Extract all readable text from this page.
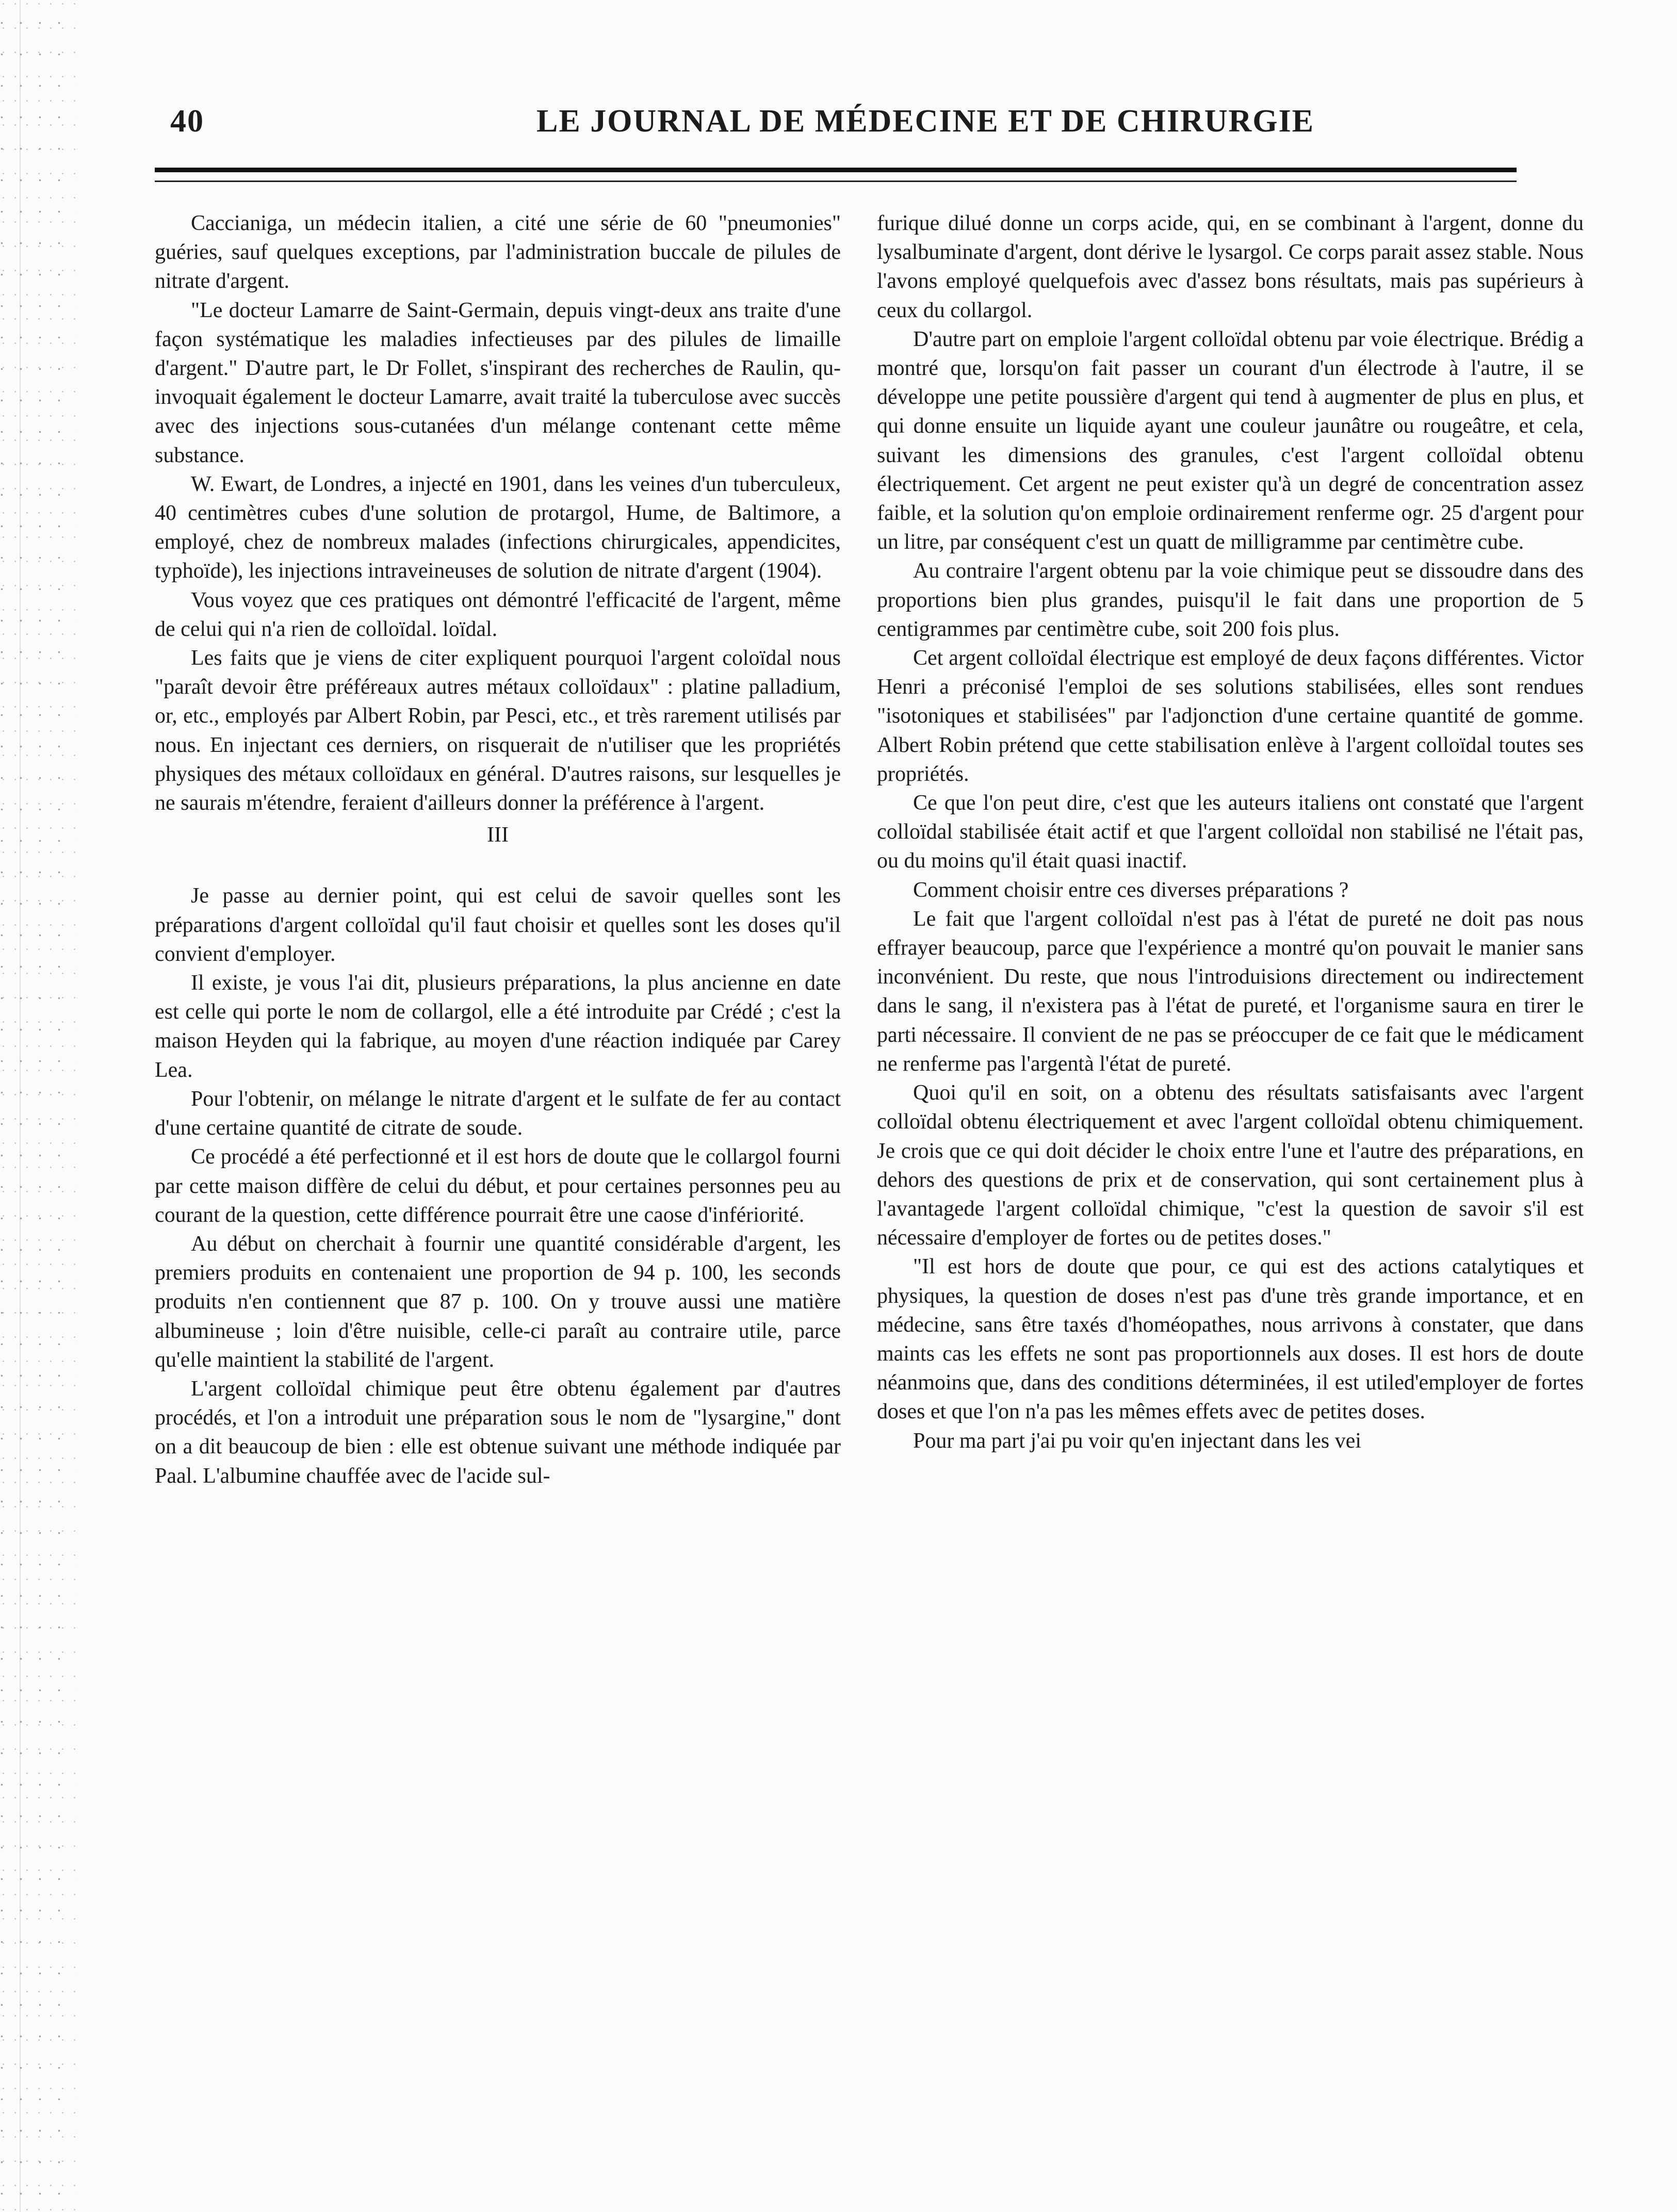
40	LE JOURNAL DE MÉDECINE ET DE CHIRURGIE

Caccianiga, un médecin italien, a cité une série de 60 "pneumonies" guéries, sauf quelques exceptions, par l'administration buccale de pilules de nitrate d'argent.

"Le docteur Lamarre de Saint-Germain, depuis vingt-deux ans traite d'une façon systématique les maladies infectieuses par des pilules de limaille d'argent." D'autre part, le Dr Follet, s'inspirant des recherches de Raulin, qu-invoquait également le docteur Lamarre, avait traité la tuberculose avec succès avec des injections sous-cutanées d'un mélange contenant cette même substance.

W. Ewart, de Londres, a injecté en 1901, dans les veines d'un tuberculeux, 40 centimètres cubes d'une solution de protargol, Hume, de Baltimore, a employé, chez de nombreux malades (infections chirurgicales, appendicites, typhoïde), les injections intraveineuses de solution de nitrate d'argent (1904).

Vous voyez que ces pratiques ont démontré l'efficacité de l'argent, même de celui qui n'a rien de colloïdal. loïdal.

Les faits que je viens de citer expliquent pourquoi l'argent coloïdal nous "paraît devoir être préféreaux autres métaux colloïdaux" : platine palladium, or, etc., employés par Albert Robin, par Pesci, etc., et très rarement utilisés par nous. En injectant ces derniers, on risquerait de n'utiliser que les propriétés physiques des métaux colloïdaux en général. D'autres raisons, sur lesquelles je ne saurais m'étendre, feraient d'ailleurs donner la préférence à l'argent.

III

Je passe au dernier point, qui est celui de savoir quelles sont les préparations d'argent colloïdal qu'il faut choisir et quelles sont les doses qu'il convient d'employer.

Il existe, je vous l'ai dit, plusieurs préparations, la plus ancienne en date est celle qui porte le nom de collargol, elle a été introduite par Crédé ; c'est la maison Heyden qui la fabrique, au moyen d'une réaction indiquée par Carey Lea.

Pour l'obtenir, on mélange le nitrate d'argent et le sulfate de fer au contact d'une certaine quantité de citrate de soude.

Ce procédé a été perfectionné et il est hors de doute que le collargol fourni par cette maison diffère de celui du début, et pour certaines personnes peu au courant de la question, cette différence pourrait être une caose d'infériorité.

Au début on cherchait à fournir une quantité considérable d'argent, les premiers produits en contenaient une proportion de 94 p. 100, les seconds produits n'en contiennent que 87 p. 100. On y trouve aussi une matière albumineuse ; loin d'être nuisible, celle-ci paraît au contraire utile, parce qu'elle maintient la stabilité de l'argent.

L'argent colloïdal chimique peut être obtenu également par d'autres procédés, et l'on a introduit une préparation sous le nom de "lysargine," dont on a dit beaucoup de bien : elle est obtenue suivant une méthode indiquée par Paal. L'albumine chauffée avec de l'acide sul-

furique dilué donne un corps acide, qui, en se combinant à l'argent, donne du lysalbuminate d'argent, dont dérive le lysargol. Ce corps parait assez stable. Nous l'avons employé quelquefois avec d'assez bons résultats, mais pas supérieurs à ceux du collargol.

D'autre part on emploie l'argent colloïdal obtenu par voie électrique. Brédig a montré que, lorsqu'on fait passer un courant d'un électrode à l'autre, il se développe une petite poussière d'argent qui tend à augmenter de plus en plus, et qui donne ensuite un liquide ayant une couleur jaunâtre ou rougeâtre, et cela, suivant les dimensions des granules, c'est l'argent colloïdal obtenu électriquement. Cet argent ne peut exister qu'à un degré de concentration assez faible, et la solution qu'on emploie ordinairement renferme ogr. 25 d'argent pour un litre, par conséquent c'est un quatt de milligramme par centimètre cube.

Au contraire l'argent obtenu par la voie chimique peut se dissoudre dans des proportions bien plus grandes, puisqu'il le fait dans une proportion de 5 centigrammes par centimètre cube, soit 200 fois plus.

Cet argent colloïdal électrique est employé de deux façons différentes. Victor Henri a préconisé l'emploi de ses solutions stabilisées, elles sont rendues "isotoniques et stabilisées" par l'adjonction d'une certaine quantité de gomme. Albert Robin prétend que cette stabilisation enlève à l'argent colloïdal toutes ses propriétés.

Ce que l'on peut dire, c'est que les auteurs italiens ont constaté que l'argent colloïdal stabilisée était actif et que l'argent colloïdal non stabilisé ne l'était pas, ou du moins qu'il était quasi inactif.

Comment choisir entre ces diverses préparations ?

Le fait que l'argent colloïdal n'est pas à l'état de pureté ne doit pas nous effrayer beaucoup, parce que l'expérience a montré qu'on pouvait le manier sans inconvénient. Du reste, que nous l'introduisions directement ou indirectement dans le sang, il n'existera pas à l'état de pureté, et l'organisme saura en tirer le parti nécessaire. Il convient de ne pas se préoccuper de ce fait que le médicament ne renferme pas l'argentà l'état de pureté.

Quoi qu'il en soit, on a obtenu des résultats satisfaisants avec l'argent colloïdal obtenu électriquement et avec l'argent colloïdal obtenu chimiquement. Je crois que ce qui doit décider le choix entre l'une et l'autre des préparations, en dehors des questions de prix et de conservation, qui sont certainement plus à l'avantagede l'argent colloïdal chimique, "c'est la question de savoir s'il est nécessaire d'employer de fortes ou de petites doses."

"Il est hors de doute que pour, ce qui est des actions catalytiques et physiques, la question de doses n'est pas d'une très grande importance, et en médecine, sans être taxés d'homéopathes, nous arrivons à constater, que dans maints cas les effets ne sont pas proportionnels aux doses. Il est hors de doute néanmoins que, dans des conditions déterminées, il est utiled'employer de fortes doses et que l'on n'a pas les mêmes effets avec de petites doses.

Pour ma part j'ai pu voir qu'en injectant dans les vei
